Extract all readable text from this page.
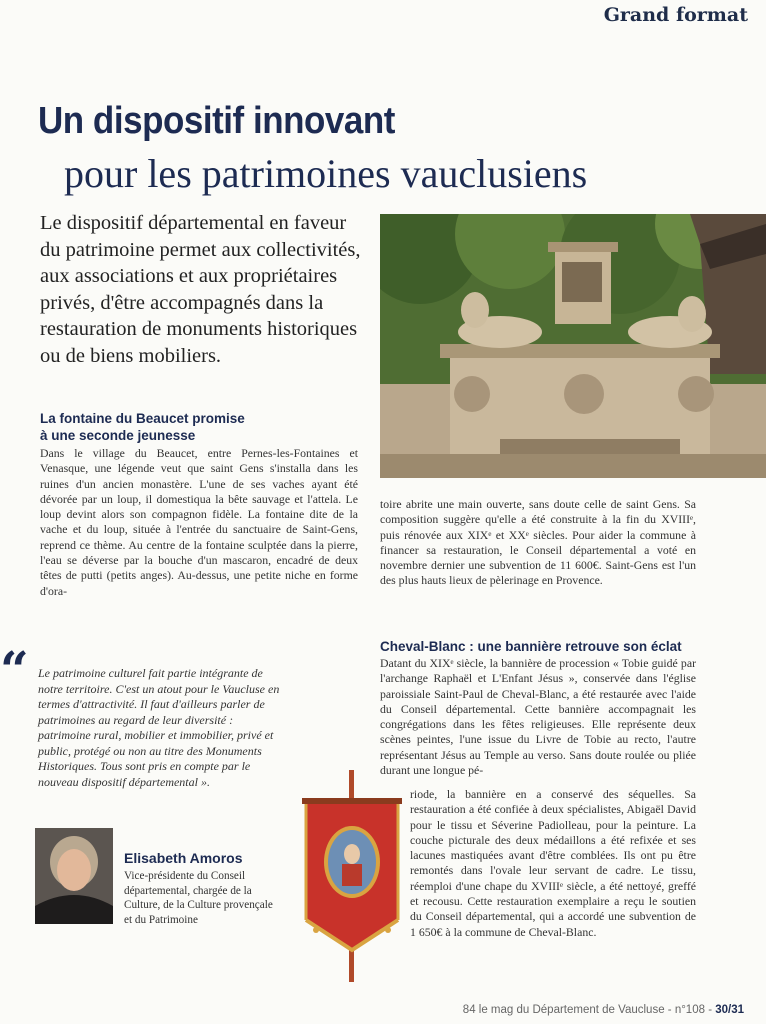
Grand format
Un dispositif innovant
pour les patrimoines vauclusiens
Le dispositif départemental en faveur du patrimoine permet aux collectivités, aux associations et aux propriétaires privés, d'être accompagnés dans la restauration de monuments historiques ou de biens mobiliers.
La fontaine du Beaucet promise
à une seconde jeunesse
Dans le village du Beaucet, entre Pernes-les-Fontaines et Venasque, une légende veut que saint Gens s'installa dans les ruines d'un ancien monastère. L'une de ses vaches ayant été dévorée par un loup, il domestiqua la bête sauvage et l'attela. Le loup devint alors son compagnon fidèle. La fontaine dite de la vache et du loup, située à l'entrée du sanctuaire de Saint-Gens, reprend ce thème. Au centre de la fontaine sculptée dans la pierre, l'eau se déverse par la bouche d'un mascaron, encadré de deux têtes de putti (petits anges). Au-dessus, une petite niche en forme d'ora-
toire abrite une main ouverte, sans doute celle de saint Gens. Sa composition suggère qu'elle a été construite à la fin du XVIIIᵉ, puis rénovée aux XIXᵉ et XXᵉ siècles. Pour aider la commune à financer sa restauration, le Conseil départemental a voté en novembre dernier une subvention de 11 600€. Saint-Gens est l'un des plus hauts lieux de pèlerinage en Provence.
Cheval-Blanc : une bannière retrouve son éclat
Datant du XIXᵉ siècle, la bannière de procession « Tobie guidé par l'archange Raphaël et L'Enfant Jésus », conservée dans l'église paroissiale Saint-Paul de Cheval-Blanc, a été restaurée avec l'aide du Conseil départemental. Cette bannière accompagnait les congrégations dans les fêtes religieuses. Elle représente deux scènes peintes, l'une issue du Livre de Tobie au recto, l'autre représentant Jésus au Temple au verso. Sans doute roulée ou pliée durant une longue pé-
riode, la bannière en a conservé des séquelles. Sa restauration a été confiée à deux spécialistes, Abigaël David pour le tissu et Séverine Padiolleau, pour la peinture. La couche picturale des deux médaillons a été refixée et ses lacunes mastiquées avant d'être comblées. Ils ont pu être remontés dans l'ovale leur servant de cadre. Le tissu, réemploi d'une chape du XVIIIᵉ siècle, a été nettoyé, greffé et recousu. Cette restauration exemplaire a reçu le soutien du Conseil départemental, qui a accordé une subvention de 1 650€ à la commune de Cheval-Blanc.
“ Le patrimoine culturel fait partie intégrante de notre territoire. C'est un atout pour le Vaucluse en termes d'attractivité. Il faut d'ailleurs parler de patrimoines au regard de leur diversité : patrimoine rural, mobilier et immobilier, privé et public, protégé ou non au titre des Monuments Historiques. Tous sont pris en compte par le nouveau dispositif départemental ».
Elisabeth Amoros
Vice-présidente du Conseil départemental, chargée de la Culture, de la Culture provençale et du Patrimoine
84 le mag du Département de Vaucluse - n°108 - 30/31
